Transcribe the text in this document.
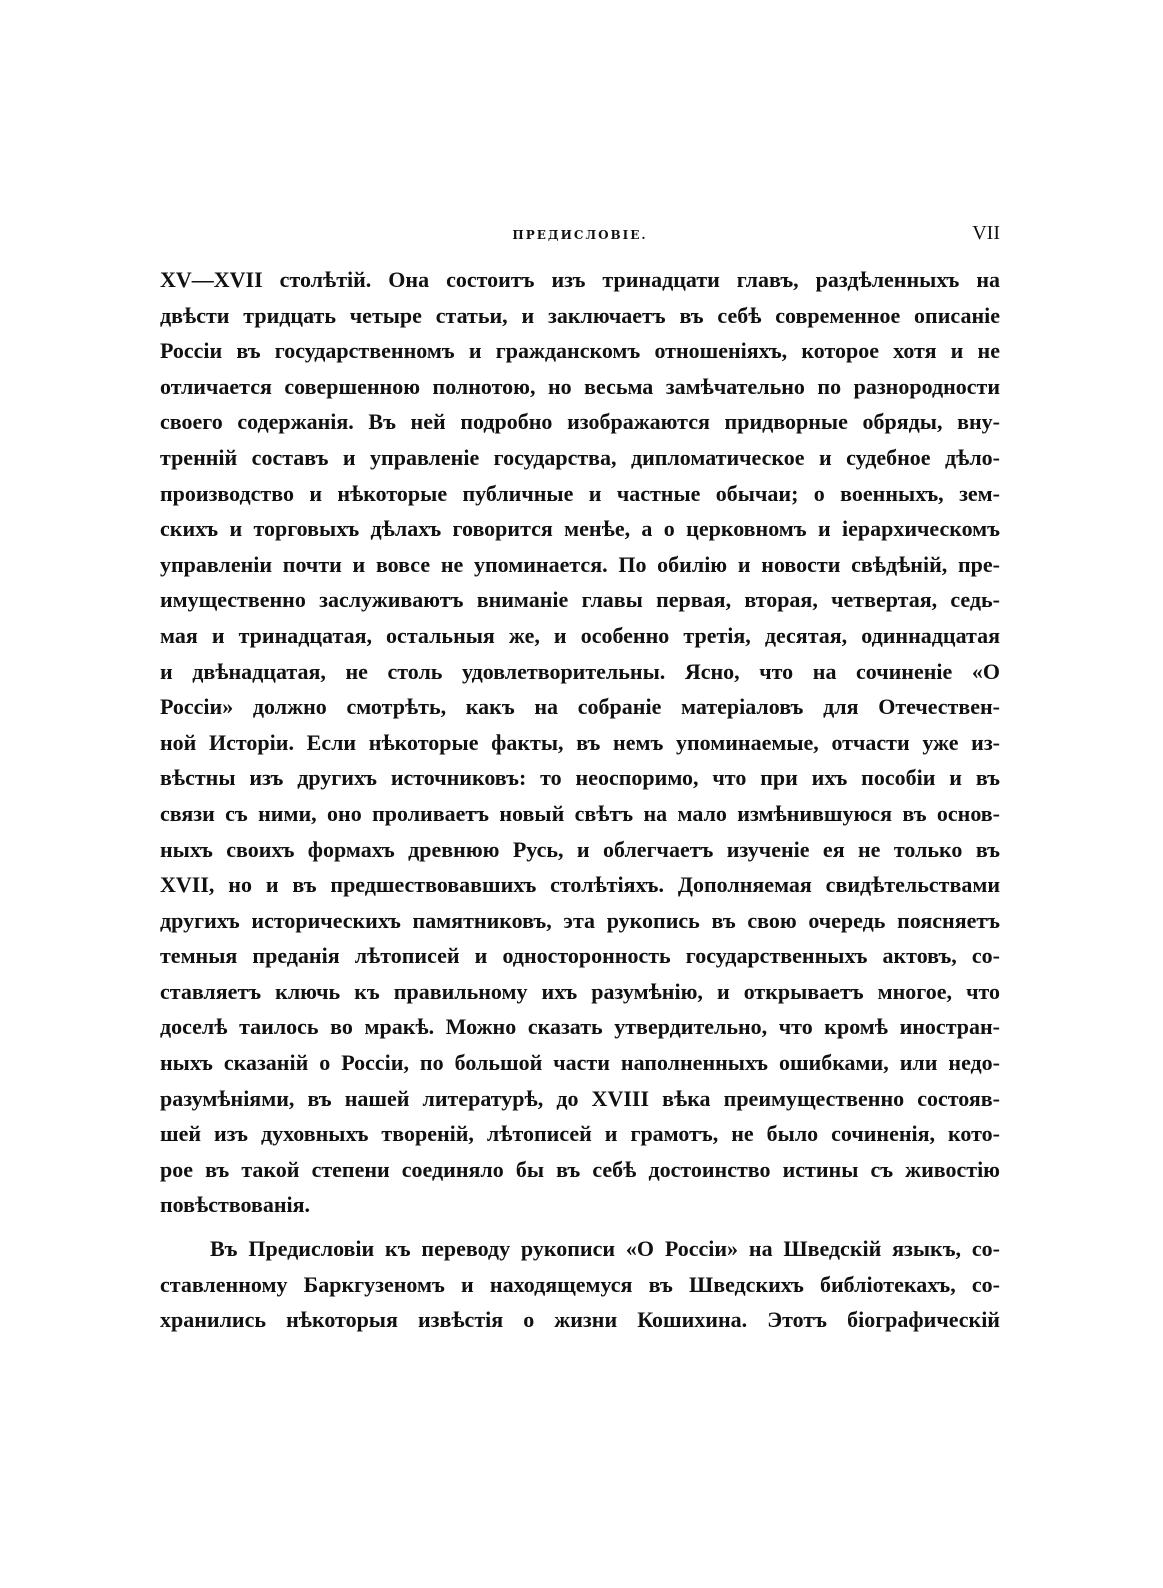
ПРЕДИСЛОВІЕ.	VII
XV—XVII столѣтій. Она состоитъ изъ тринадцати главъ, раздѣленныхъ на
двѣсти тридцать четыре статьи, и заключаетъ въ себѣ современное описаніе
Россіи въ государственномъ и гражданскомъ отношеніяхъ, которое хотя и не
отличается совершенною полнотою, но весьма замѣчательно по разнородности
своего содержанія. Въ ней подробно изображаются придворные обряды, вну-
тренній составъ и управленіе государства, дипломатическое и судебное дѣло-
производство и нѣкоторые публичные и частные обычаи; о военныхъ, зем-
скихъ и торговыхъ дѣлахъ говорится менѣе, а о церковномъ и іерархическомъ
управленіи почти и вовсе не упоминается. По обилію и новости свѣдѣній, пре-
имущественно заслуживаютъ вниманіе главы первая, вторая, четвертая, седь-
мая и тринадцатая, остальныя же, и особенно третія, десятая, одиннадцатая
и двѣнадцатая, не столь удовлетворительны. Ясно, что на сочиненіе «О
Россіи» должно смотрѣть, какъ на собраніе матеріаловъ для Отечествен-
ной Исторіи. Если нѣкоторые факты, въ немъ упоминаемые, отчасти уже из-
вѣстны изъ другихъ источниковъ: то неоспоримо, что при ихъ пособіи и въ
связи съ ними, оно проливаетъ новый свѣтъ на мало измѣнившуюся въ основ-
ныхъ своихъ формахъ древнюю Русь, и облегчаетъ изученіе ея не только въ
XVII, но и въ предшествовавшихъ столѣтіяхъ. Дополняемая свидѣтельствами
другихъ историческихъ памятниковъ, эта рукопись въ свою очередь поясняетъ
темныя преданія лѣтописей и односторонность государственныхъ актовъ, со-
ставляетъ ключь къ правильному ихъ разумѣнію, и открываетъ многое, что
доселѣ таилось во мракѣ. Можно сказать утвердительно, что кромѣ иностран-
ныхъ сказаній о Россіи, по большой части наполненныхъ ошибками, или недо-
разумѣніями, въ нашей литературѣ, до XVIII вѣка преимущественно состояв-
шей изъ духовныхъ твореній, лѣтописей и грамотъ, не было сочиненія, кото-
рое въ такой степени соединяло бы въ себѣ достоинство истины съ живостію
повѣствованія.
Въ Предисловіи къ переводу рукописи «О Россіи» на Шведскій языкъ, со-
ставленному Баркгузеномъ и находящемуся въ Шведскихъ библіотекахъ, со-
хранились нѣкоторыя извѣстія о жизни Кошихина. Этотъ біографическій
